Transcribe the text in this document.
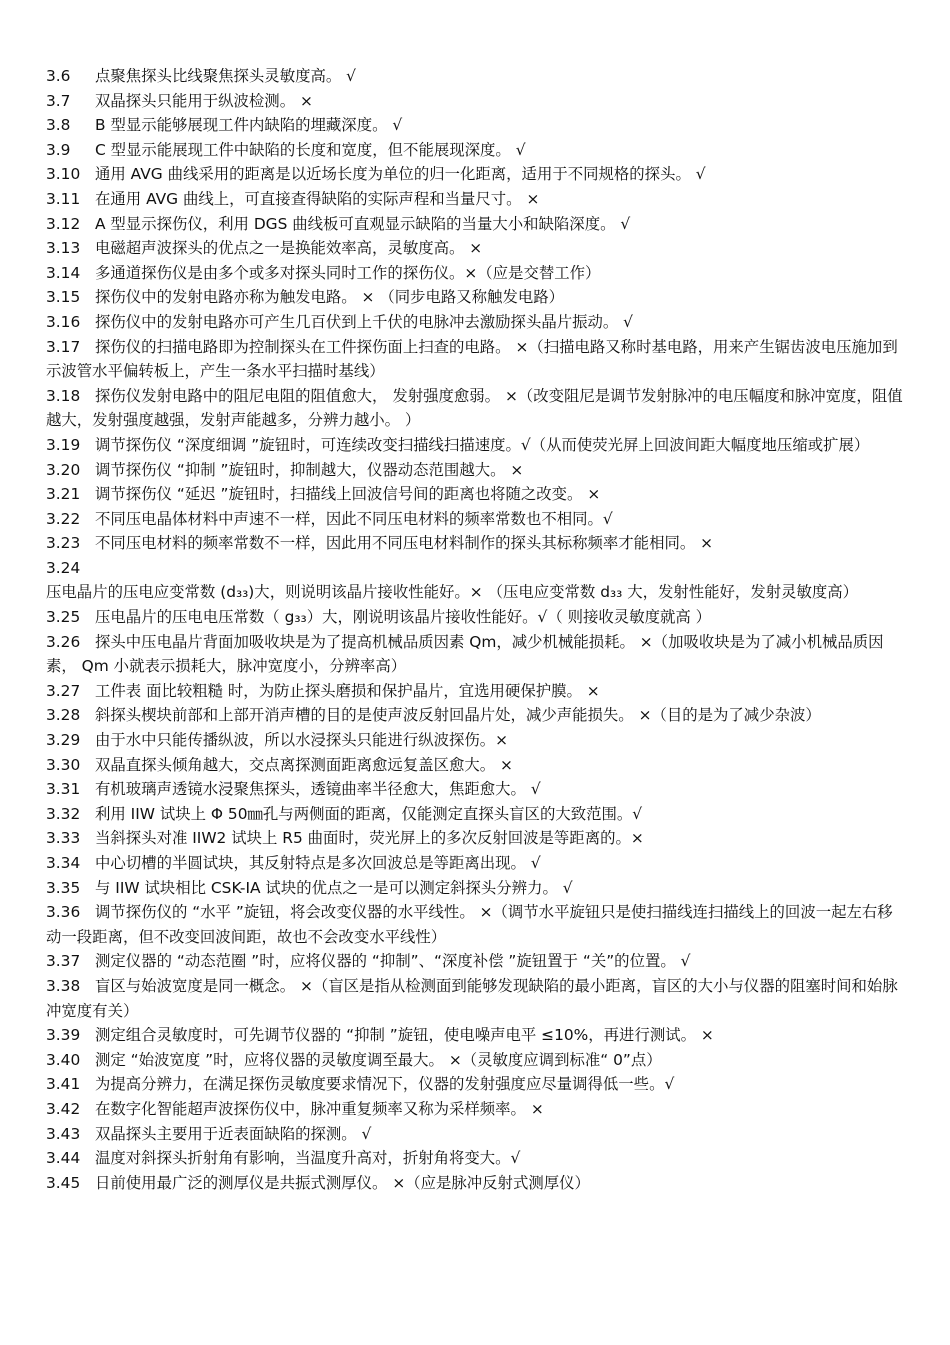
3.6 点聚焦探头比线聚焦探头灵敏度高。 √

3.7 双晶探头只能用于纵波检测。 ×

3.8 B 型显示能够展现工件内缺陷的埋藏深度。 √

3.9 C 型显示能展现工件中缺陷的长度和宽度，但不能展现深度。 √

3.10 通用 AVG 曲线采用的距离是以近场长度为单位的归一化距离，适用于不同规格的探头。 √

3.11 在通用 AVG 曲线上，可直接查得缺陷的实际声程和当量尺寸。 ×

3.12 A 型显示探伤仪，利用 DGS 曲线板可直观显示缺陷的当量大小和缺陷深度。 √

3.13 电磁超声波探头的优点之一是换能效率高，灵敏度高。 ×

3.14 多通道探伤仪是由多个或多对探头同时工作的探伤仪。×（应是交替工作）

3.15 探伤仪中的发射电路亦称为触发电路。 × （同步电路又称触发电路）

3.16 探伤仪中的发射电路亦可产生几百伏到上千伏的电脉冲去激励探头晶片振动。 √

3.17 探伤仪的扫描电路即为控制探头在工件探伤面上扫查的电路。 ×（扫描电路又称时基电路，用来产生锯齿波电压施加到示波管水平偏转板上，产生一条水平扫描时基线）

3.18 探伤仪发射电路中的阻尼电阻的阻值愈大， 发射强度愈弱。 ×（改变阻尼是调节发射脉冲的电压幅度和脉冲宽度，阻值越大，发射强度越强，发射声能越多，分辨力越小。 ）

3.19 调节探伤仪 “深度细调 ”旋钮时，可连续改变扫描线扫描速度。√（从而使荧光屏上回波间距大幅度地压缩或扩展）

3.20 调节探伤仪 “抑制 ”旋钮时，抑制越大，仪器动态范围越大。 ×

3.21 调节探伤仪 “延迟 ”旋钮时，扫描线上回波信号间的距离也将随之改变。 ×

3.22 不同压电晶体材料中声速不一样，因此不同压电材料的频率常数也不相同。√

3.23 不同压电材料的频率常数不一样，因此用不同压电材料制作的探头其标称频率才能相同。 ×

3.24压电晶片的压电应变常数 (d₃₃)大，则说明该晶片接收性能好。× （压电应变常数 d₃₃ 大，发射性能好，发射灵敏度高）

3.25 压电晶片的压电电压常数（ g₃₃）大，刚说明该晶片接收性能好。√（ 则接收灵敏度就高 ）

3.26 探头中压电晶片背面加吸收块是为了提高机械品质因素 Qm，减少机械能损耗。 ×（加吸收块是为了减小机械品质因素， Qm 小就表示损耗大，脉冲宽度小，分辨率高）

3.27 工件表 面比较粗糙 时，为防止探头磨损和保护晶片，宜选用硬保护膜。 ×

3.28 斜探头楔块前部和上部开消声槽的目的是使声波反射回晶片处，减少声能损失。 ×（目的是为了减少杂波）

3.29 由于水中只能传播纵波，所以水浸探头只能进行纵波探伤。×

3.30 双晶直探头倾角越大，交点离探测面距离愈远复盖区愈大。 ×

3.31 有机玻璃声透镜水浸聚焦探头，透镜曲率半径愈大，焦距愈大。 √

3.32 利用 IIW 试块上 Φ 50㎜孔与两侧面的距离，仅能测定直探头盲区的大致范围。√

3.33 当斜探头对准 IIW2 试块上 R5 曲面时，荧光屏上的多次反射回波是等距离的。×

3.34 中心切槽的半圆试块，其反射特点是多次回波总是等距离出现。 √

3.35 与 IIW 试块相比 CSK-IA 试块的优点之一是可以测定斜探头分辨力。 √

3.36 调节探伤仪的 “水平 ”旋钮，将会改变仪器的水平线性。 ×（调节水平旋钮只是使扫描线连扫描线上的回波一起左右移动一段距离，但不改变回波间距，故也不会改变水平线性）

3.37 测定仪器的 “动态范圈 ”时，应将仪器的 “抑制”、“深度补偿 ”旋钮置于 “关”的位置。 √

3.38 盲区与始波宽度是同一概念。 ×（盲区是指从检测面到能够发现缺陷的最小距离，盲区的大小与仪器的阻塞时间和始脉冲宽度有关）

3.39 测定组合灵敏度时，可先调节仪器的 “抑制 ”旋钮，使电噪声电平 ≤10%，再进行测试。 ×

3.40 测定 “始波宽度 ”时，应将仪器的灵敏度调至最大。 ×（灵敏度应调到标准“ 0”点）

3.41 为提高分辨力，在满足探伤灵敏度要求情况下，仪器的发射强度应尽量调得低一些。√

3.42 在数字化智能超声波探伤仪中，脉冲重复频率又称为采样频率。 ×

3.43 双晶探头主要用于近表面缺陷的探测。 √

3.44 温度对斜探头折射角有影响，当温度升高对，折射角将变大。√

3.45 日前使用最广泛的测厚仪是共振式测厚仪。 ×（应是脉冲反射式测厚仪）
